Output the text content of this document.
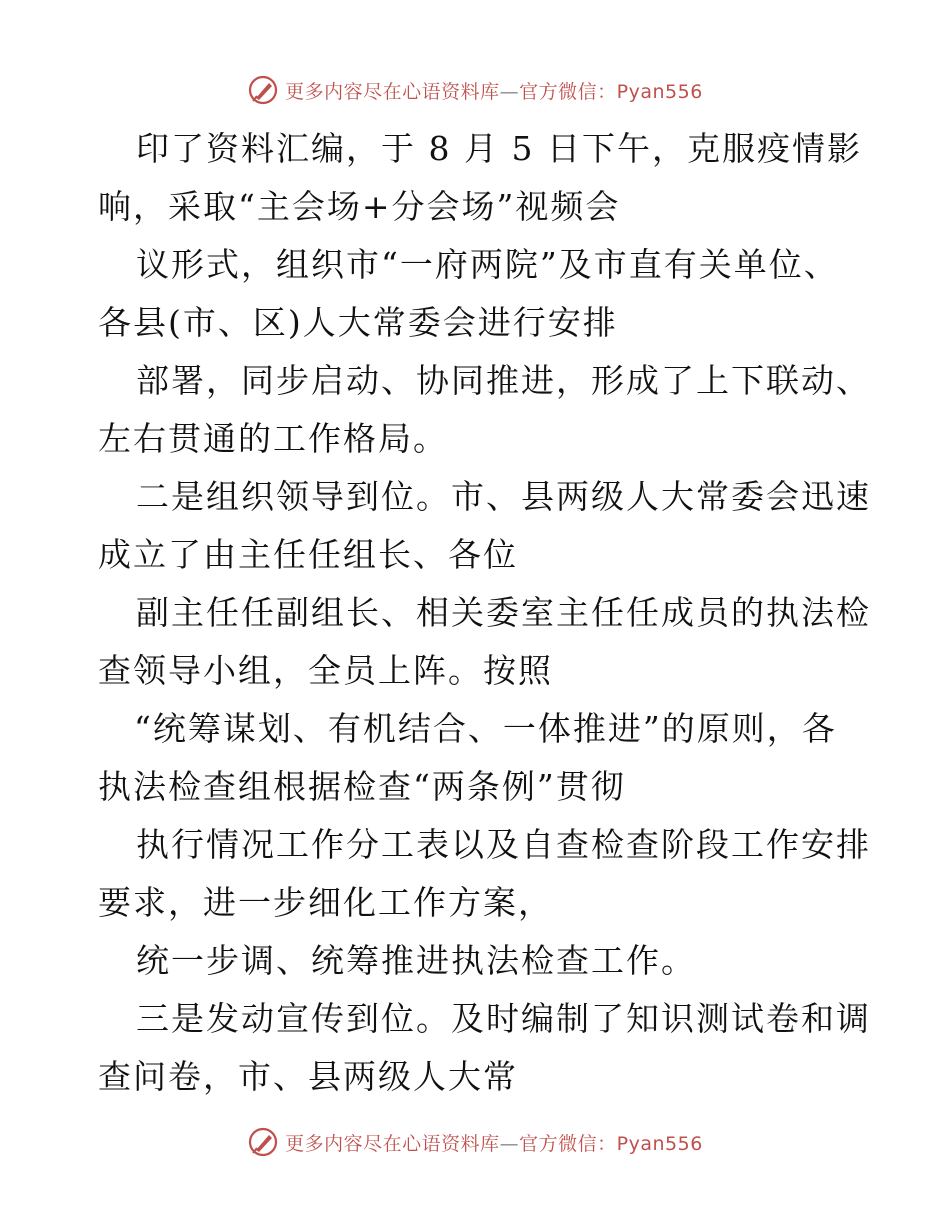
更多内容尽在心语资料库—官方微信：Pyan556
印了资料汇编，于 8 月 5 日下午，克服疫情影
响，采取“主会场+分会场”视频会
议形式，组织市“一府两院”及市直有关单位、
各县(市、区)人大常委会进行安排
部署，同步启动、协同推进，形成了上下联动、
左右贯通的工作格局。
二是组织领导到位。市、县两级人大常委会迅速
成立了由主任任组长、各位
副主任任副组长、相关委室主任任成员的执法检
查领导小组，全员上阵。按照
“统筹谋划、有机结合、一体推进”的原则，各
执法检查组根据检查“两条例”贯彻
执行情况工作分工表以及自查检查阶段工作安排
要求，进一步细化工作方案，
统一步调、统筹推进执法检查工作。
三是发动宣传到位。及时编制了知识测试卷和调
查问卷，市、县两级人大常
更多内容尽在心语资料库—官方微信：Pyan556
